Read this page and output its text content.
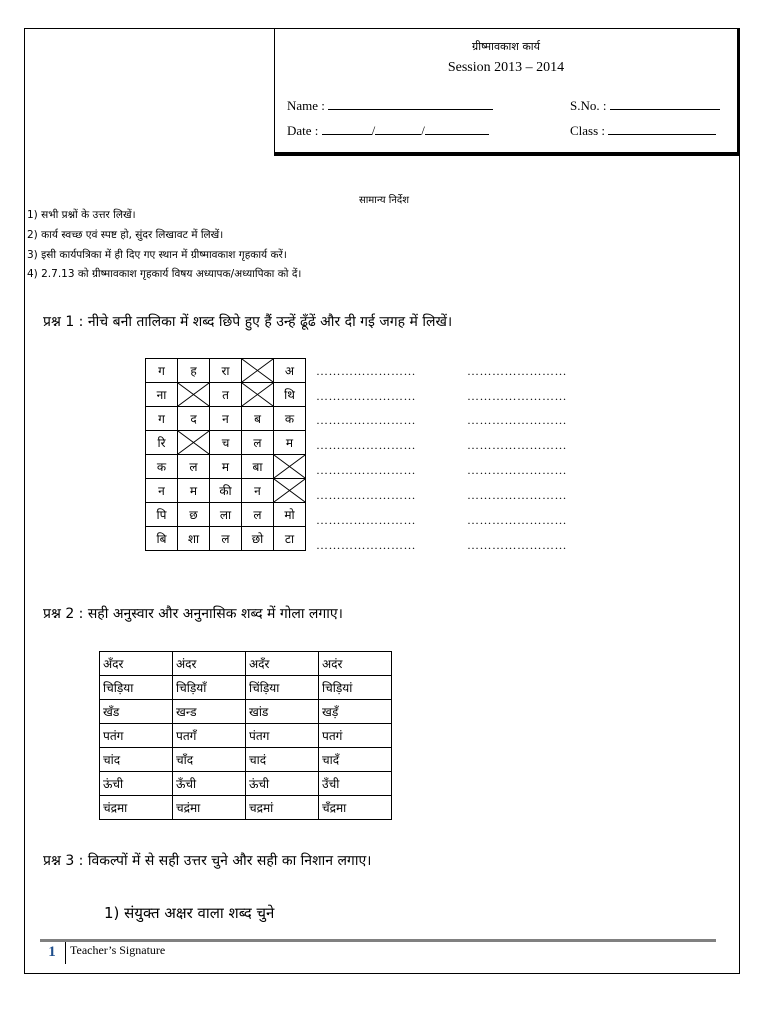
ग्रीष्मावकाश कार्य
Session 2013 – 2014
Name :	S.No. :
Date :	/	/	Class :
सामान्य निर्देश
1) सभी प्रश्नों के उत्तर लिखें।
2) कार्य स्वच्छ एवं स्पष्ट हो, सुंदर लिखावट में लिखें।
3) इसी कार्यपत्रिका में ही दिए गए स्थान में ग्रीष्मावकाश गृहकार्य करें।
4) 2.7.13 को ग्रीष्मावकाश गृहकार्य विषय अध्यापक/अध्यापिका को दें।
प्रश्न 1 : नीचे बनी तालिका में शब्द छिपे हुए हैं उन्हें ढूँढें और दी गई जगह में लिखें।
ग	ह	रा		अ
ना		त		थि
ग	द	न	ब	क
रि		च	ल	म
क	ल	म	बा	

न	म	की	न	

पि	छ	ला	ल	मो
बि	शा	ल	छो	टा
……………………	……………………
……………………	……………………
……………………	……………………
……………………	……………………
……………………	……………………
……………………	……………………
……………………	……………………
……………………	……………………
प्रश्न 2 : सही अनुस्वार और अनुनासिक शब्द में गोला लगाए।
अँदर	अंदर	अदँर	अदंर
चिड़िया	चिड़ियाँ	चिंड़िया	चिड़ियां
खँड	खन्ड	खांड	खड़ँ
पतंग	पतगँ	पंतग	पतगं
चांद	चाँद	चादं	चादँ
ऊंची	ऊँची	ऊंची	उँची
चंद्रमा	चद्रंमा	चद्रमां	चँद्रमा
प्रश्न 3 : विकल्पों में से सही उत्तर चुने और सही का निशान लगाए।
1) संयुक्त अक्षर वाला शब्द चुने
1	Teacher’s Signature
